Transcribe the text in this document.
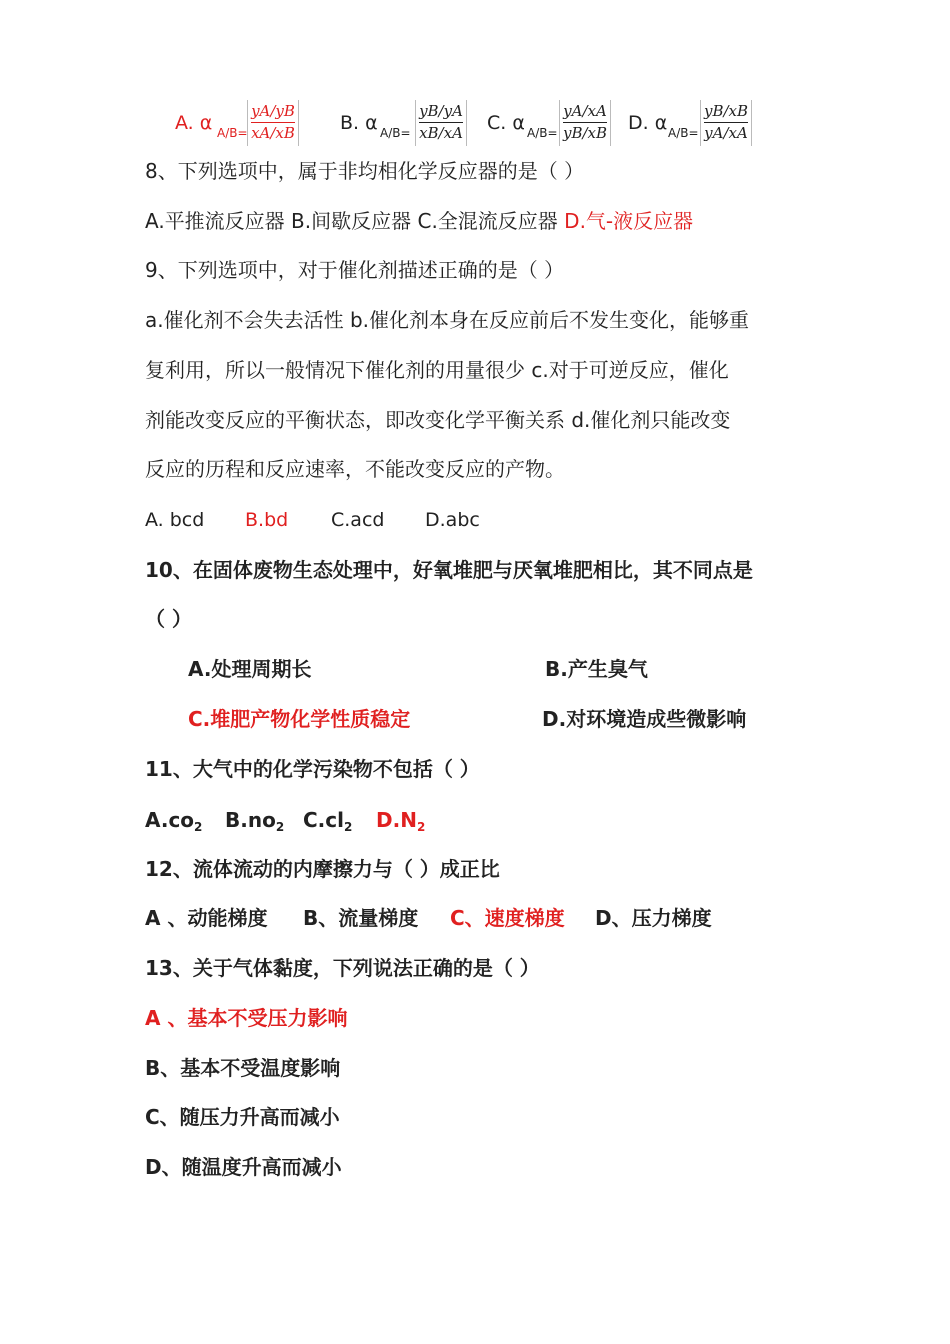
A. α A/B=
yA/yB
xA/xB B. α A/B=
yB/yA
xB/xA C. α A/B=
yA/xA
yB/xB D. α A/B=
yB/xB
yA/xA
8、下列选项中，属于非均相化学反应器的是（ ）
A.平推流反应器 B.间歇反应器 C.全混流反应器 D.气-液反应器
9、下列选项中，对于催化剂描述正确的是（ ）
a.催化剂不会失去活性 b.催化剂本身在反应前后不发生变化，能够重
复利用，所以一般情况下催化剂的用量很少 c.对于可逆反应，催化
剂能改变反应的平衡状态，即改变化学平衡关系 d.催化剂只能改变
反应的历程和反应速率，不能改变反应的产物。
A. bcd B.bd C.acd D.abc
10、在固体废物生态处理中，好氧堆肥与厌氧堆肥相比，其不同点是
（ ）
A.处理周期长	B.产生臭气
C.堆肥产物化学性质稳定	D.对环境造成些微影响
11、大气中的化学污染物不包括（ ）
$A.co_2$ $B.no_2$ $C.cl_2$ $D.N_2$
12、流体流动的内摩擦力与（ ）成正比
A 、动能梯度 B、流量梯度 C、速度梯度 D、压力梯度
13、关于气体黏度，下列说法正确的是（ ）
A 、基本不受压力影响
B、基本不受温度影响
C、随压力升高而减小
D、随温度升高而减小
